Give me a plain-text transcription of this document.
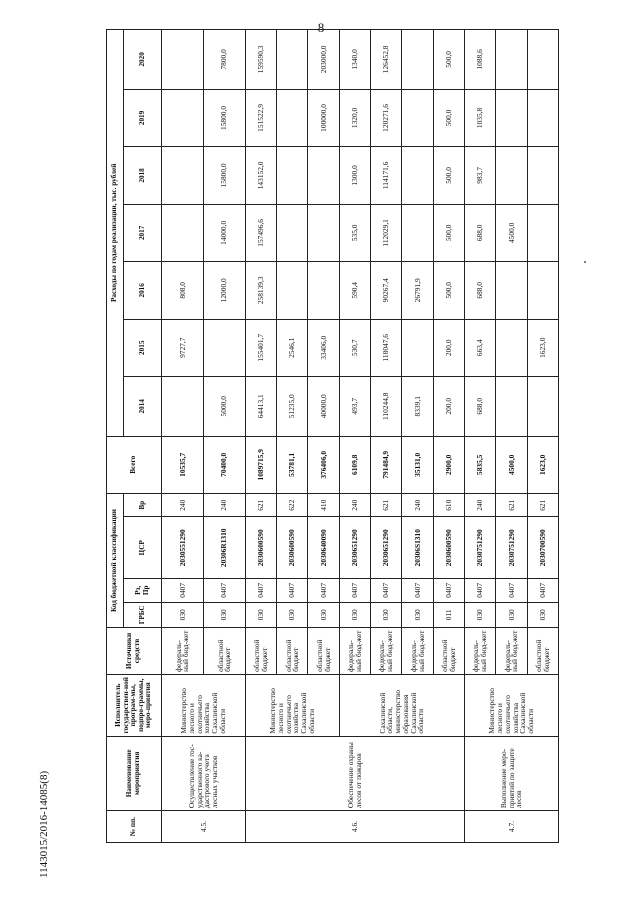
8
№ пп.	Наименование мероприятия	Исполнитель государствен-ной програм-мы, подпро-граммы, меро-приятия	Источники средств	Код бюджетной классификации				Всего	Расходы по годам реализации, тыс. рублей						
				ГРБС	Рз, Пр	ЦСР	Вр		2014	2015	2016	2017	2018	2019	2020
4.5.	Осуществление гос-ударственного ка-дастрового учета лесных участков	Министерство лесного и охотничьего хозяйства Сахалинской области	федераль-ный бюд-жет	030	0407	2030551290	240	10535,7		9727,7	808,0				
			областной бюджет	030	0407	20306R1310	240	70400,0	5000,0		12000,0	14000,0	15800,0	15800,0	7800,0
4.6.	Обеспечение охраны лесов от пожаров	Министерство лесного и охотничьего хозяйства Сахалинской области	областной бюджет	030	0407	2030600590	621	1089715,9	64413,1	155401,7	258139,3	157496,6	143152,0	151522,9	159590,3
			областной бюджет	030	0407	2030600590	622	53781,1	51235,0	2546,1					
			областной бюджет	030	0407	2030640090	410	376406,0	40000,0	33406,0				100000,0	203000,0
		Сахалинской области, министерство образования Сахалинской области	федераль-ный бюд-жет	030	0407	2030651290	240	6109,8	493,7	530,7	590,4	535,0	1300,0	1320,0	1340,0
			федераль-ный бюд-жет	030	0407	2030651290	621	791484,9	110244,8	118047,6	90267,4	112029,1	114171,6	120271,6	126452,8
			федераль-ный бюд-жет	030	0407	20306S1310	240	35131,0	8339,1		26791,9				
			областной бюджет	011	0407	2030600590	610	2900,0	200,0	200,0	500,0	500,0	500,0	500,0	500,0
4.7.	Выполнение меро-приятий по защите лесов	Министерство лесного и охотничьего хозяйства Сахалинской области	федераль-ный бюд-жет	030	0407	2030751290	240	5835,5	688,0	663,4	688,0	688,0	983,7	1035,8	1088,6
			федераль-ный бюд-жет	030	0407	2030751290	621	4500,0				4500,0			
			областной бюджет	030	0407	2030700590	621	1623,0		1623,0					
1143015/2016-14085(8)
